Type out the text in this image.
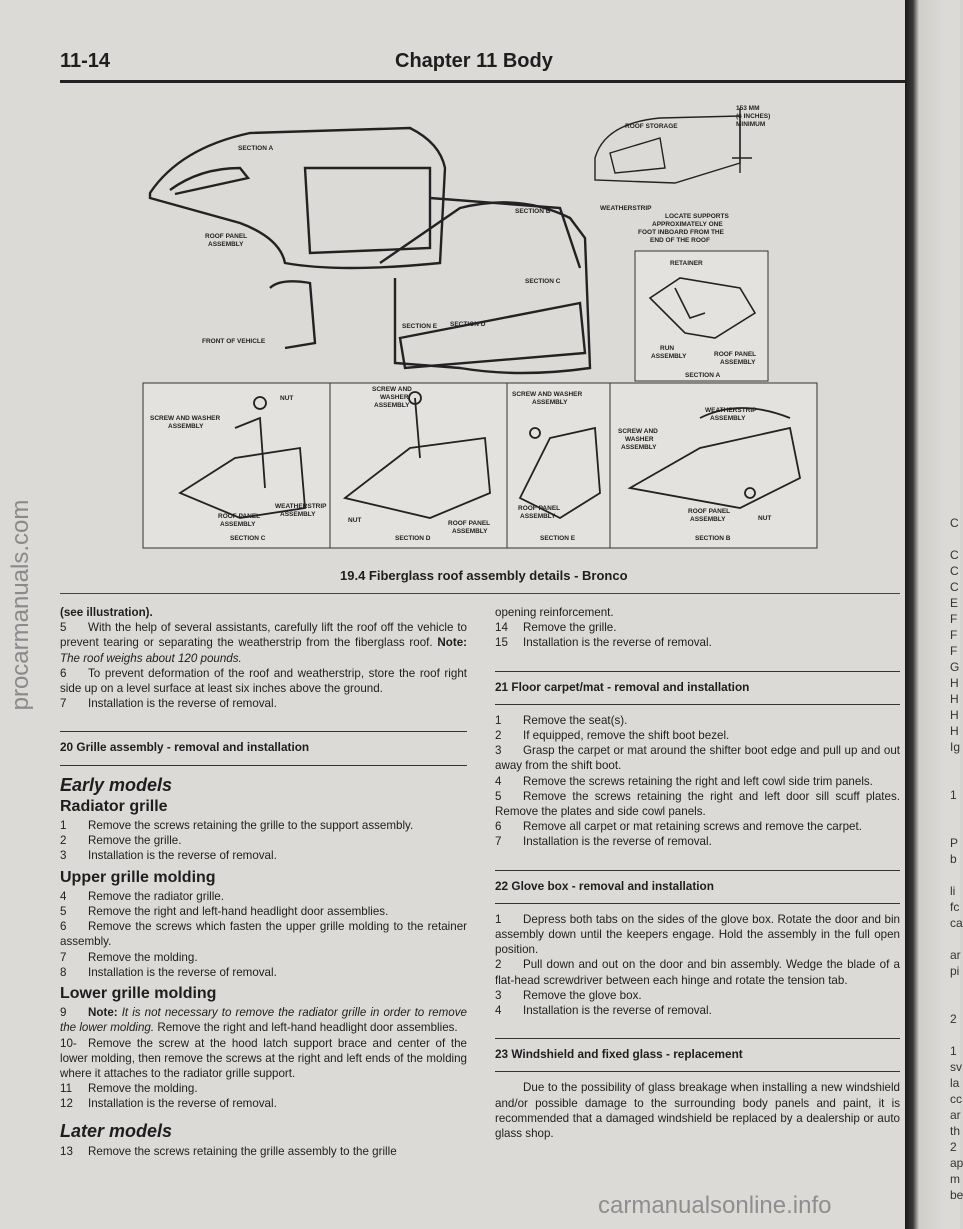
C
C
C
C
E
F
F
F
G
H
H
H
H
Ig
1
P
b
li
fc
ca
ar
pi
2
1
sv
la
cc
ar
th
2
ap
m
be
procarmanuals.com
carmanualsonline.info
11-14	Chapter 11 Body
SECTION A
ROOF PANEL
ASSEMBLY
FRONT OF VEHICLE
SECTION B
SECTION C
SECTION E SECTION D
ROOF STORAGE
153 MM
(6 INCHES)
MINIMUM
WEATHERSTRIP
LOCATE SUPPORTS
APPROXIMATELY ONE
FOOT INBOARD FROM THE
END OF THE ROOF
RETAINER
RUN
ASSEMBLY	ROOF PANEL
ASSEMBLY
SECTION A
NUT
SCREW AND WASHER
ASSEMBLY
ROOF PANEL
ASSEMBLY
WEATHERSTRIP
ASSEMBLY
SECTION C
SCREW AND
WASHER
ASSEMBLY
NUT	ROOF PANEL
ASSEMBLY
SECTION D
SCREW AND WASHER
ASSEMBLY
ROOF PANEL
ASSEMBLY
SECTION E
WEATHERSTRIP
ASSEMBLY
SCREW AND
WASHER
ASSEMBLY
ROOF PANEL
ASSEMBLY	NUT
SECTION B
19.4 Fiberglass roof assembly details - Bronco

(see illustration).

5 With the help of several assistants, carefully lift the roof off the vehicle to prevent tearing or separating the weatherstrip from the fiberglass roof. Note: The roof weighs about 120 pounds.

6 To prevent deformation of the roof and weatherstrip, store the roof right side up on a level surface at least six inches above the ground.

7 Installation is the reverse of removal.

20 Grille assembly - removal and installation
Early models
Radiator grille

1 Remove the screws retaining the grille to the support assembly.

2 Remove the grille.

3 Installation is the reverse of removal.

Upper grille molding

4 Remove the radiator grille.

5 Remove the right and left-hand headlight door assemblies.

6 Remove the screws which fasten the upper grille molding to the retainer assembly.

7 Remove the molding.

8 Installation is the reverse of removal.

Lower grille molding

9 Note: It is not necessary to remove the radiator grille in order to remove the lower molding. Remove the right and left-hand headlight door assemblies.

10- Remove the screw at the hood latch support brace and center of the lower molding, then remove the screws at the right and left ends of the molding where it attaches to the radiator grille support.

11 Remove the molding.

12 Installation is the reverse of removal.

Later models

13 Remove the screws retaining the grille assembly to the grille

opening reinforcement.

14 Remove the grille.

15 Installation is the reverse of removal.

21 Floor carpet/mat - removal and installation

1 Remove the seat(s).

2 If equipped, remove the shift boot bezel.

3 Grasp the carpet or mat around the shifter boot edge and pull up and out away from the shift boot.

4 Remove the screws retaining the right and left cowl side trim panels.

5 Remove the screws retaining the right and left door sill scuff plates. Remove the plates and side cowl panels.

6 Remove all carpet or mat retaining screws and remove the carpet.

7 Installation is the reverse of removal.

22 Glove box - removal and installation

1 Depress both tabs on the sides of the glove box. Rotate the door and bin assembly down until the keepers engage. Hold the assembly in the full open position.

2 Pull down and out on the door and bin assembly. Wedge the blade of a flat-head screwdriver between each hinge and rotate the tension tab.

3 Remove the glove box.

4 Installation is the reverse of removal.

23 Windshield and fixed glass - replacement

Due to the possibility of glass breakage when installing a new windshield and/or possible damage to the surrounding body panels and paint, it is recommended that a damaged windshield be replaced by a dealership or auto glass shop.
